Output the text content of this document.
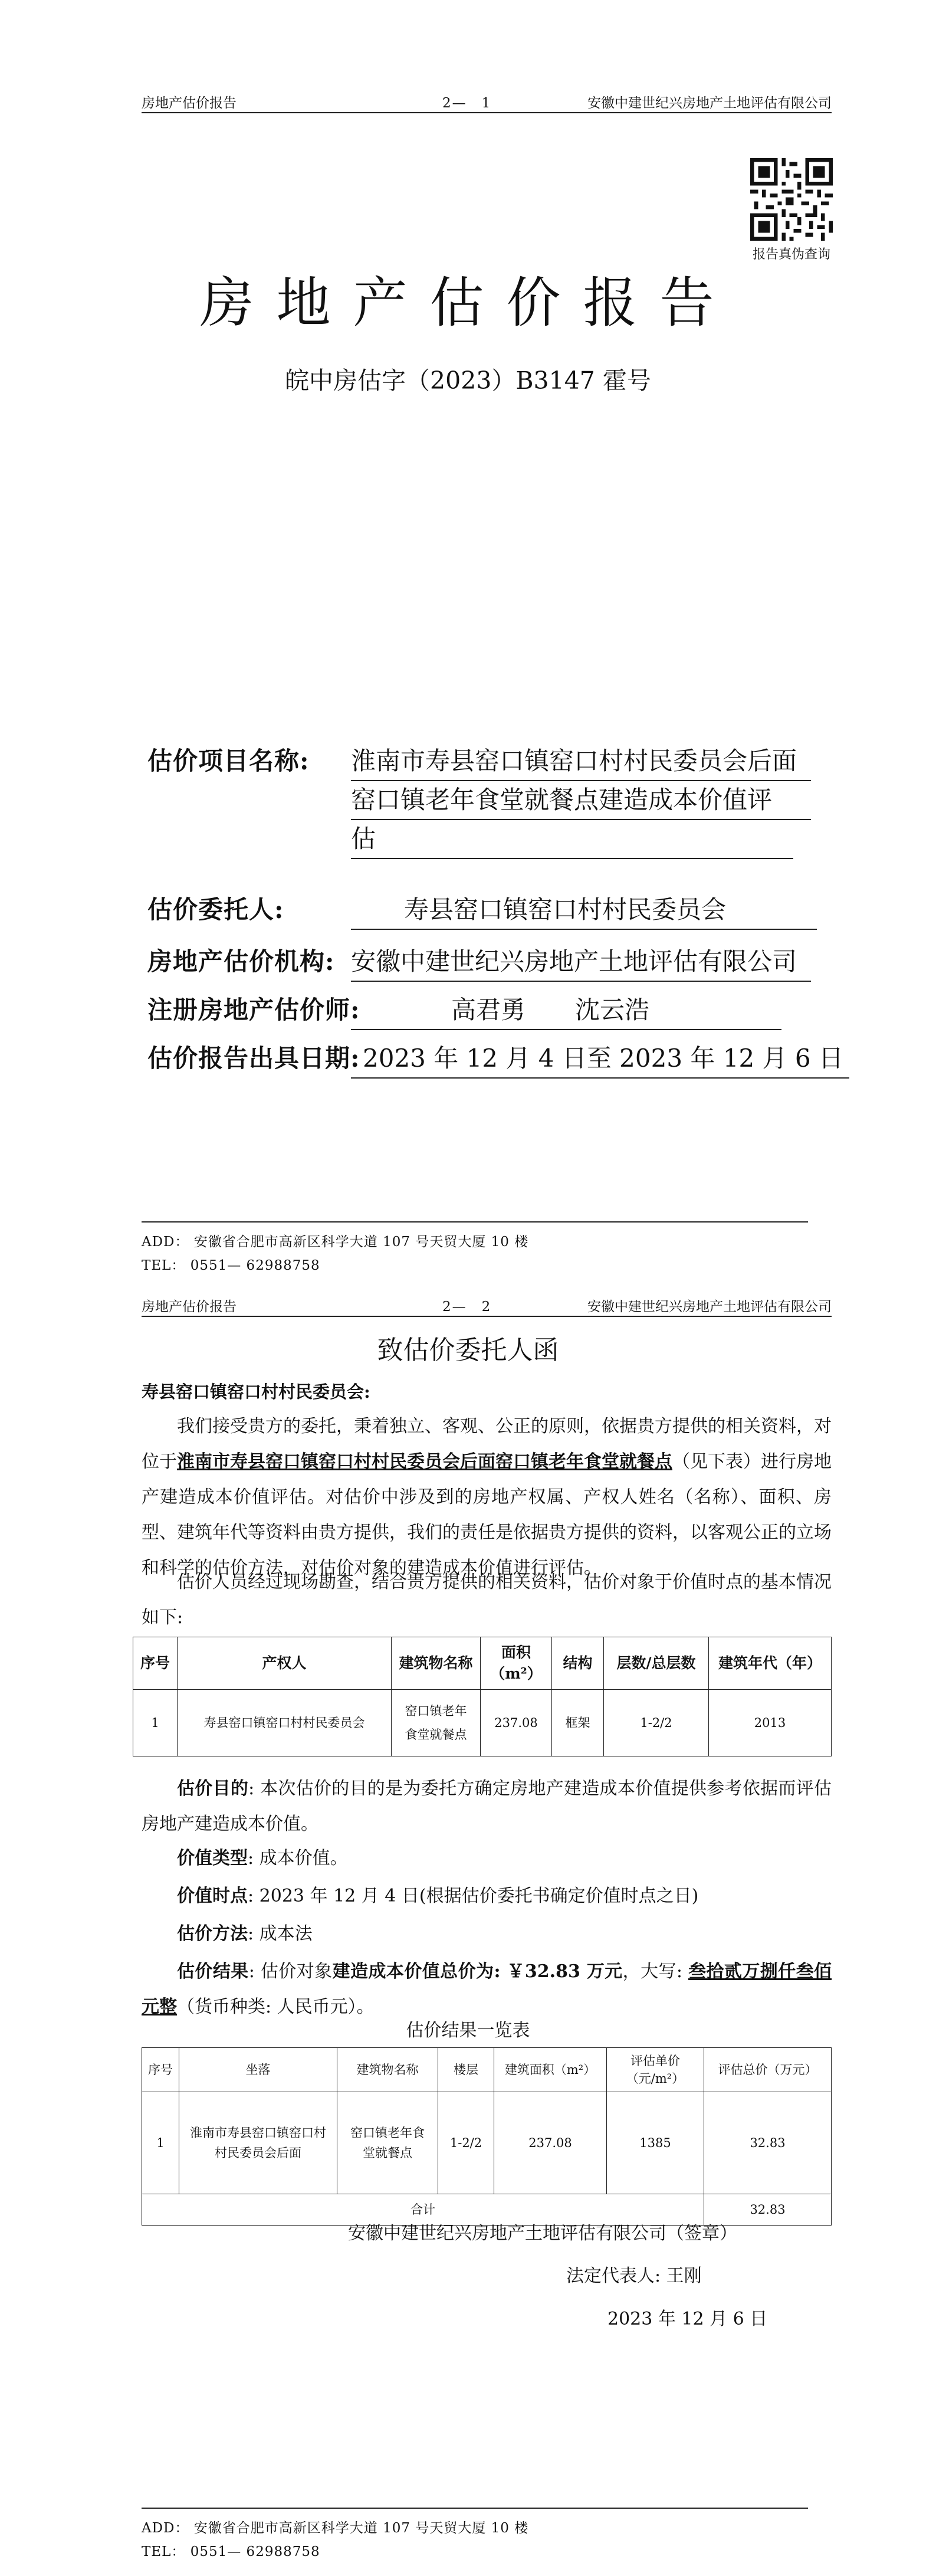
房地产估价报告	2—　1	安徽中建世纪兴房地产土地评估有限公司
报告真伪查询
房地产估价报告
皖中房估字（2023）B3147 霍号
估价项目名称: 淮南市寿县窑口镇窑口村村民委员会后面
窑口镇老年食堂就餐点建造成本价值评
估
估价委托人:	寿县窑口镇窑口村村民委员会
房地产估价机构: 安徽中建世纪兴房地产土地评估有限公司
注册房地产估价师:	高君勇　　沈云浩
估价报告出具日期: 2023 年 12 月 4 日至 2023 年 12 月 6 日
ADD： 安徽省合肥市高新区科学大道 107 号天贸大厦 10 楼
TEL： 0551— 62988758
房地产估价报告	2—　2	安徽中建世纪兴房地产土地评估有限公司
致估价委托人函
寿县窑口镇窑口村村民委员会:
我们接受贵方的委托，秉着独立、客观、公正的原则，依据贵方提供的相关资料，对位于淮南市寿县窑口镇窑口村村民委员会后面窑口镇老年食堂就餐点（见下表）进行房地产建造成本价值评估。对估价中涉及到的房地产权属、产权人姓名（名称）、面积、房型、建筑年代等资料由贵方提供，我们的责任是依据贵方提供的资料，以客观公正的立场和科学的估价方法，对估价对象的建造成本价值进行评估。
估价人员经过现场勘查，结合贵方提供的相关资料，估价对象于价值时点的基本情况如下:
序号	产权人	建筑物名称	面积（m²）	结构	层数/总层数	建筑年代（年）
1	寿县窑口镇窑口村村民委员会	窑口镇老年食堂就餐点	237.08	框架	1-2/2	2013
估价目的: 本次估价的目的是为委托方确定房地产建造成本价值提供参考依据而评估房地产建造成本价值。
价值类型: 成本价值。
价值时点: 2023 年 12 月 4 日(根据估价委托书确定价值时点之日)
估价方法: 成本法
估价结果: 估价对象建造成本价值总价为: ￥32.83 万元，大写: 叁拾贰万捌仟叁佰元整（货币种类: 人民币元）。
估价结果一览表
序号	坐落	建筑物名称	楼层	建筑面积（m²）	评估单价（元/m²）	评估总价（万元）
1	淮南市寿县窑口镇窑口村村民委员会后面	窑口镇老年食堂就餐点	1-2/2	237.08	1385	32.83
合计						32.83
安徽中建世纪兴房地产土地评估有限公司（签章）
法定代表人: 王刚
2023 年 12 月 6 日
ADD： 安徽省合肥市高新区科学大道 107 号天贸大厦 10 楼
TEL： 0551— 62988758
